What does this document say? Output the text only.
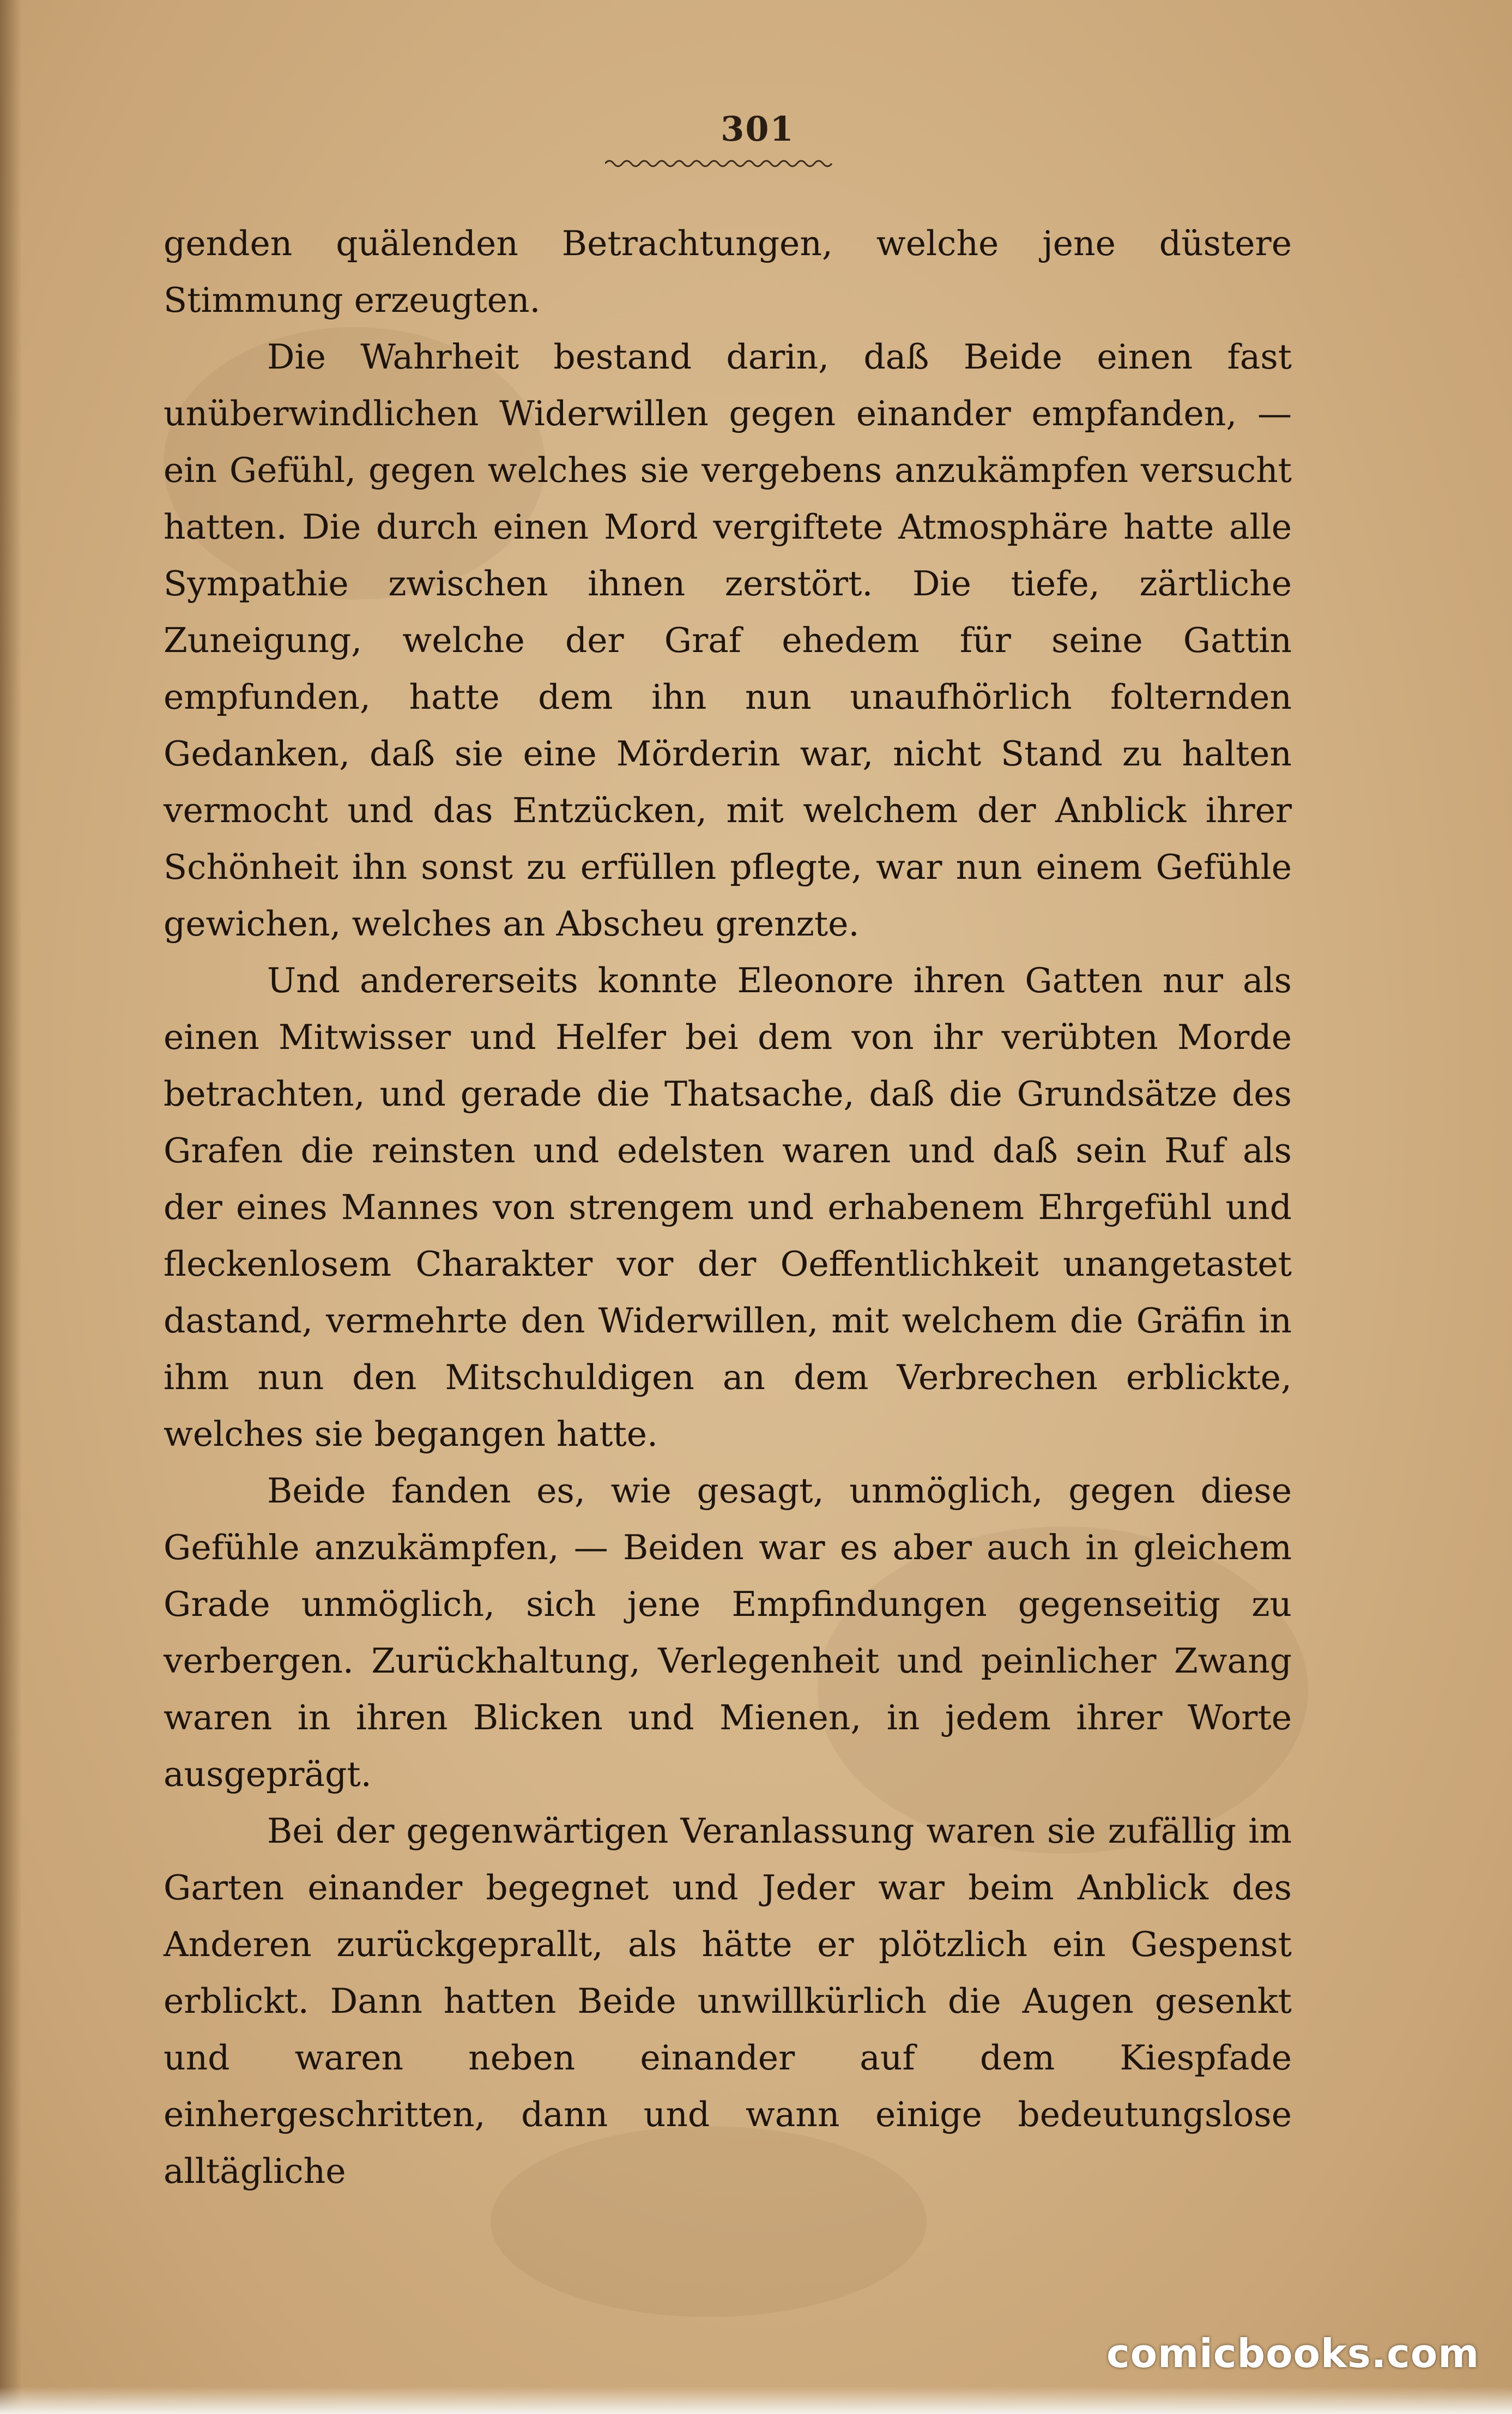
301

genden quälenden Betrachtungen, welche jene düstere Stimmung erzeugten.

Die Wahrheit bestand darin, daß Beide einen fast unüberwindlichen Widerwillen gegen einander empfanden, — ein Gefühl, gegen welches sie vergebens anzukämpfen versucht hatten. Die durch einen Mord vergiftete Atmosphäre hatte alle Sympathie zwischen ihnen zerstört. Die tiefe, zärtliche Zuneigung, welche der Graf ehedem für seine Gattin empfunden, hatte dem ihn nun unaufhörlich folternden Gedanken, daß sie eine Mörderin war, nicht Stand zu halten vermocht und das Entzücken, mit welchem der Anblick ihrer Schönheit ihn sonst zu erfüllen pflegte, war nun einem Gefühle gewichen, welches an Abscheu grenzte.

Und andererseits konnte Eleonore ihren Gatten nur als einen Mitwisser und Helfer bei dem von ihr verübten Morde betrachten, und gerade die Thatsache, daß die Grundsätze des Grafen die reinsten und edelsten waren und daß sein Ruf als der eines Mannes von strengem und erhabenem Ehrgefühl und fleckenlosem Charakter vor der Oeffentlichkeit unangetastet dastand, vermehrte den Widerwillen, mit welchem die Gräfin in ihm nun den Mitschuldigen an dem Verbrechen erblickte, welches sie begangen hatte.

Beide fanden es, wie gesagt, unmöglich, gegen diese Gefühle anzukämpfen, — Beiden war es aber auch in gleichem Grade unmöglich, sich jene Empfindungen gegenseitig zu verbergen. Zurückhaltung, Verlegenheit und peinlicher Zwang waren in ihren Blicken und Mienen, in jedem ihrer Worte ausgeprägt.

Bei der gegenwärtigen Veranlassung waren sie zufällig im Garten einander begegnet und Jeder war beim Anblick des Anderen zurückgeprallt, als hätte er plötzlich ein Gespenst erblickt. Dann hatten Beide unwillkürlich die Augen gesenkt und waren neben einander auf dem Kiespfade einhergeschritten, dann und wann einige bedeutungslose alltägliche

comicbooks.com
